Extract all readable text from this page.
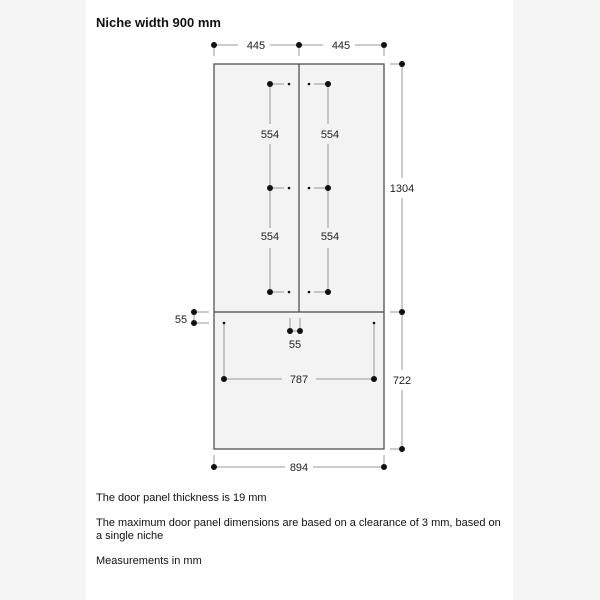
Niche width 900 mm
445	445
1304
722
554
554
554
554
55
55
787
894

The door panel thickness is 19 mm

The maximum door panel dimensions are based on a clearance of 3 mm, based on a single niche

Measurements in mm
